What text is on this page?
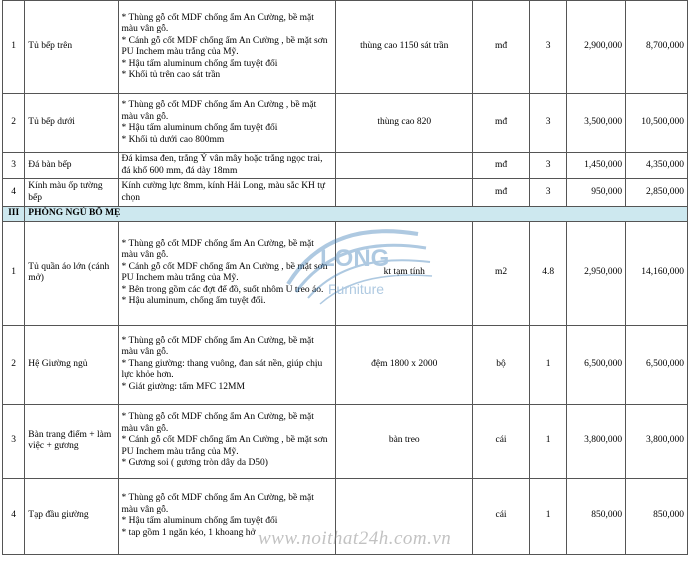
1	Tủ bếp trên	* Thùng gỗ cốt MDF chống ẩm An Cường, bề mặt màu vân gỗ.
* Cánh gỗ cốt MDF chống ẩm An Cường , bề mặt sơn PU Inchem màu trắng của Mỹ.
* Hậu tấm aluminum chống ẩm tuyệt đối
* Khối tủ trên cao sát trần	thùng cao 1150 sát trần	mđ	3	2,900,000	8,700,000
2	Tủ bếp dưới	* Thùng gỗ cốt MDF chống ẩm An Cường , bề mặt màu vân gỗ.
* Hậu tấm aluminum chống ẩm tuyệt đối
* Khối tủ dưới cao 800mm	thùng cao 820	mđ	3	3,500,000	10,500,000
3	Đá bàn bếp	Đá kimsa đen, trắng Ý vân mây hoặc trắng ngọc trai, đá khổ 600 mm, đá dày 18mm		mđ	3	1,450,000	4,350,000
4	Kính màu ốp tường bếp	Kính cường lực 8mm, kính Hải Long, màu sắc KH tự chọn		mđ	3	950,000	2,850,000
III	PHÒNG NGỦ BỐ MẸ						
1	Tủ quần áo lớn (cánh mở)	* Thùng gỗ cốt MDF chống ẩm An Cường, bề mặt màu vân gỗ.
* Cánh gỗ cốt MDF chống ẩm An Cường , bề mặt sơn PU Inchem màu trắng của Mỹ.
* Bên trong gồm các đợt để đồ, suốt nhôm U treo áo.
* Hậu aluminum, chống ẩm tuyệt đối.	kt tạm tính	m2	4.8	2,950,000	14,160,000
2	Hệ Giường ngủ	* Thùng gỗ cốt MDF chống ẩm An Cường, bề mặt màu vân gỗ.
* Thang giường: thang vuông, đan sát nền, giúp chịu lực khỏe hơn.
* Giát giường: tấm MFC 12MM	đệm 1800 x 2000	bộ	1	6,500,000	6,500,000
3	Bàn trang điểm + làm việc + gương	* Thùng gỗ cốt MDF chống ẩm An Cường, bề mặt màu vân gỗ.
* Cánh gỗ cốt MDF chống ẩm An Cường , bề mặt sơn PU Inchem màu trắng của Mỹ.
* Gương soi ( gương tròn dây da D50)	bàn treo	cái	1	3,800,000	3,800,000
4	Tạp đầu giường	* Thùng gỗ cốt MDF chống ẩm An Cường, bề mặt màu vân gỗ.
* Hậu tấm aluminum chống ẩm tuyệt đối
* tap gồm 1 ngăn kéo, 1 khoang hở		cái	1	850,000	850,000
LONG
Furniture
www.noithat24h.com.vn
